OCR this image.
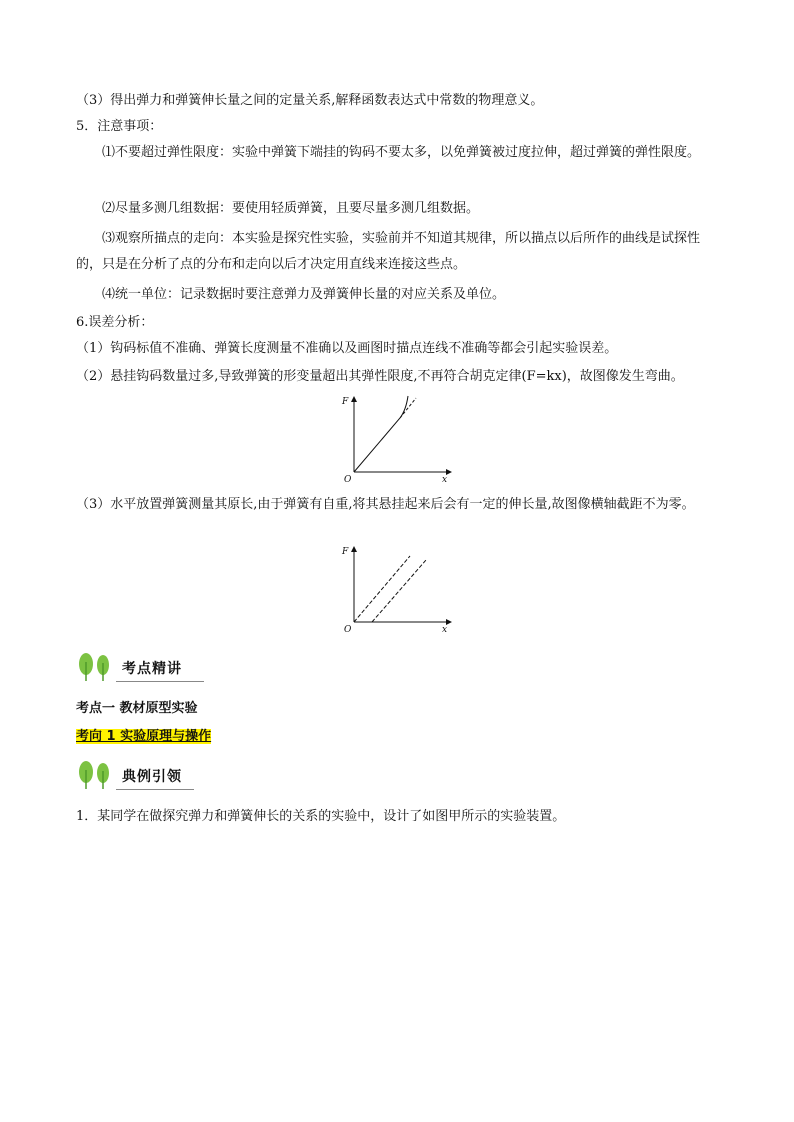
（3）得出弹力和弹簧伸长量之间的定量关系,解释函数表达式中常数的物理意义。

5．注意事项：

⑴不要超过弹性限度：实验中弹簧下端挂的钩码不要太多，以免弹簧被过度拉伸，超过弹簧的弹性限度。

⑵尽量多测几组数据：要使用轻质弹簧，且要尽量多测几组数据。

⑶观察所描点的走向：本实验是探究性实验，实验前并不知道其规律，所以描点以后所作的曲线是试探性的，只是在分析了点的分布和走向以后才决定用直线来连接这些点。

⑷统一单位：记录数据时要注意弹力及弹簧伸长量的对应关系及单位。

6.误差分析：

（1）钩码标值不准确、弹簧长度测量不准确以及画图时描点连线不准确等都会引起实验误差。

（2）悬挂钩码数量过多,导致弹簧的形变量超出其弹性限度,不再符合胡克定律(F=kx)，故图像发生弯曲。

F
O	x

（3）水平放置弹簧测量其原长,由于弹簧有自重,将其悬挂起来后会有一定的伸长量,故图像横轴截距不为零。

F
O	x
考点精讲

考点一 教材原型实验

考向 1 实验原理与操作

典例引领

1．某同学在做探究弹力和弹簧伸长的关系的实验中，设计了如图甲所示的实验装置。
